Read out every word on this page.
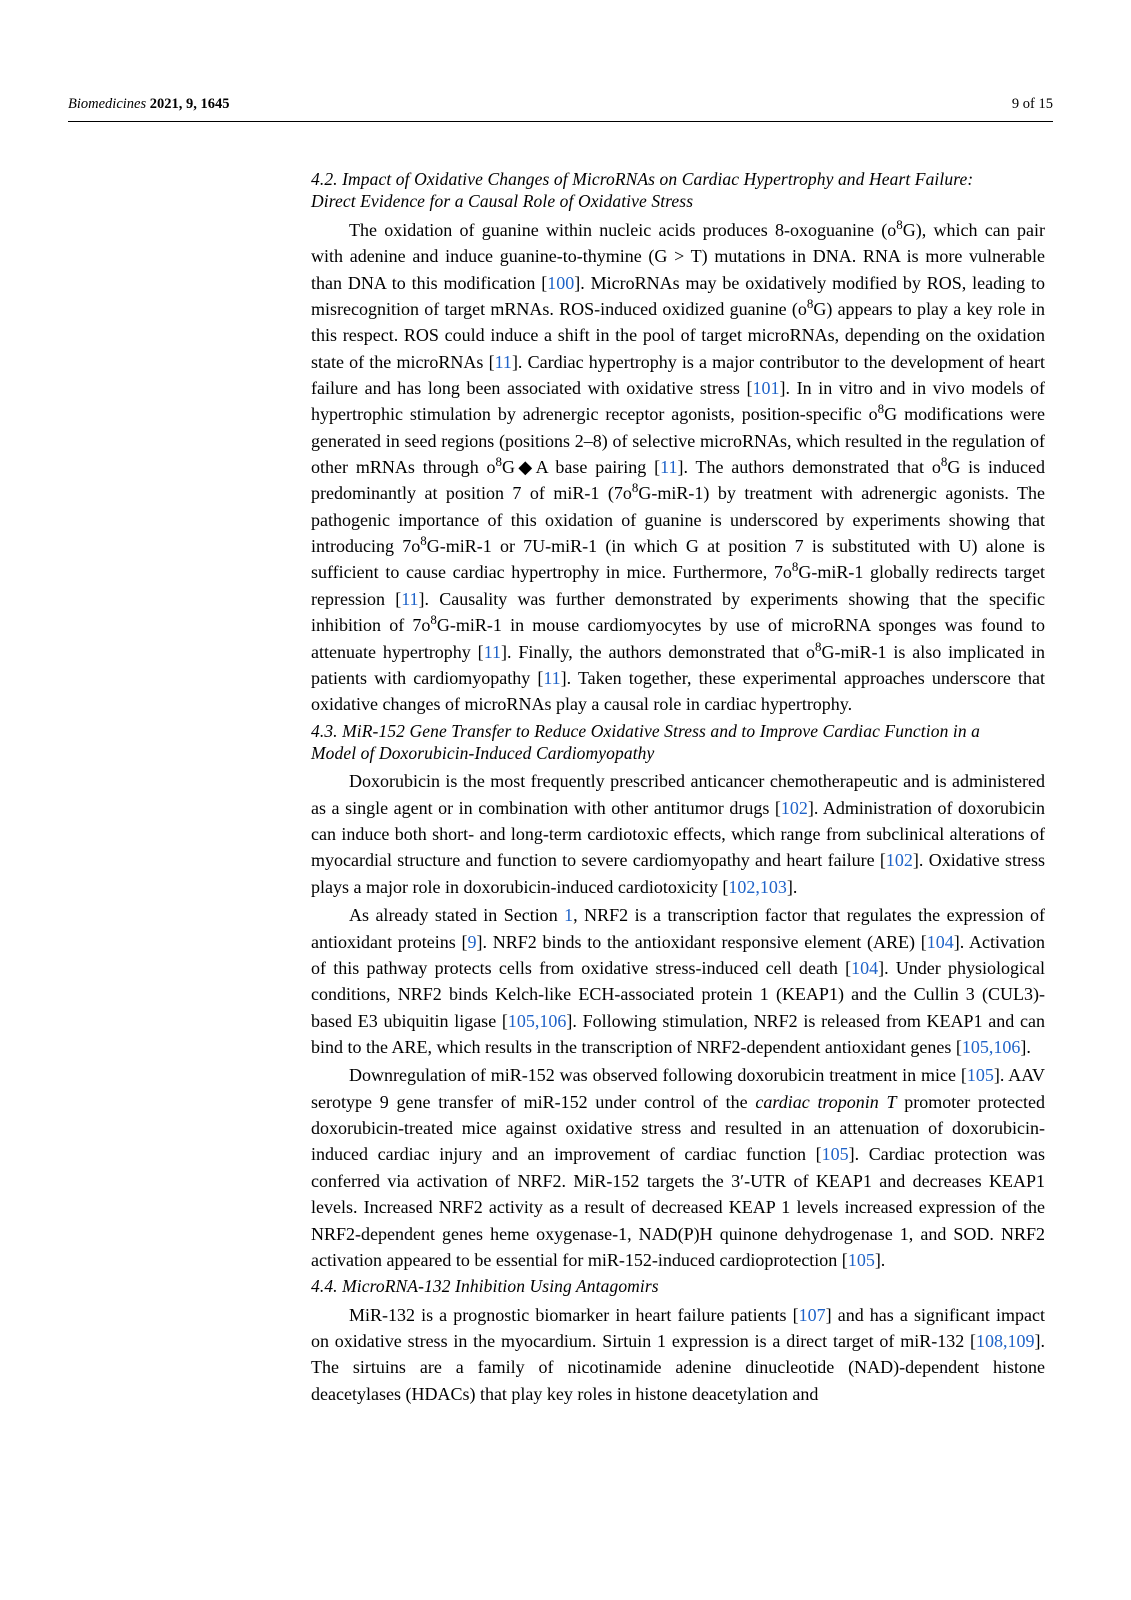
Biomedicines 2021, 9, 1645	9 of 15
4.2. Impact of Oxidative Changes of MicroRNAs on Cardiac Hypertrophy and Heart Failure:
Direct Evidence for a Causal Role of Oxidative Stress

The oxidation of guanine within nucleic acids produces 8-oxoguanine $(o^8G)$, which can pair with adenine and induce guanine-to-thymine (G > T) mutations in DNA. RNA is more vulnerable than DNA to this modification [100]. MicroRNAs may be oxidatively modified by ROS, leading to misrecognition of target mRNAs. ROS-induced oxidized guanine $(o^8G)$ appears to play a key role in this respect. ROS could induce a shift in the pool of target microRNAs, depending on the oxidation state of the microRNAs [11]. Cardiac hypertrophy is a major contributor to the development of heart failure and has long been associated with oxidative stress [101]. In in vitro and in vivo models of hypertrophic stimulation by adrenergic receptor agonists, position-specific $o^8G$ modifications were generated in seed regions (positions 2–8) of selective microRNAs, which resulted in the regulation of other mRNAs through $o^8G◆A$ base pairing [11]. The authors demonstrated that $o^8G$ is induced predominantly at position 7 of miR-1 $(7o^8G-miR-1)$ by treatment with adrenergic agonists. The pathogenic importance of this oxidation of guanine is underscored by experiments showing that introducing $7o^8G-miR-1$ or 7U-miR-1 (in which G at position 7 is substituted with U) alone is sufficient to cause cardiac hypertrophy in mice. Furthermore, $7o^8G-miR-1$ globally redirects target repression [11]. Causality was further demonstrated by experiments showing that the specific inhibition of $7o^8G-miR-1$ in mouse cardiomyocytes by use of microRNA sponges was found to attenuate hypertrophy [11]. Finally, the authors demonstrated that $o^8G-miR-1$ is also implicated in patients with cardiomyopathy [11]. Taken together, these experimental approaches underscore that oxidative changes of microRNAs play a causal role in cardiac hypertrophy.

4.3. MiR-152 Gene Transfer to Reduce Oxidative Stress and to Improve Cardiac Function in a
Model of Doxorubicin-Induced Cardiomyopathy

Doxorubicin is the most frequently prescribed anticancer chemotherapeutic and is administered as a single agent or in combination with other antitumor drugs [102]. Administration of doxorubicin can induce both short- and long-term cardiotoxic effects, which range from subclinical alterations of myocardial structure and function to severe cardiomyopathy and heart failure [102]. Oxidative stress plays a major role in doxorubicin-induced cardiotoxicity [102,103].

As already stated in Section 1, NRF2 is a transcription factor that regulates the expression of antioxidant proteins [9]. NRF2 binds to the antioxidant responsive element (ARE) [104]. Activation of this pathway protects cells from oxidative stress-induced cell death [104]. Under physiological conditions, NRF2 binds Kelch-like ECH-associated protein 1 (KEAP1) and the Cullin 3 (CUL3)-based E3 ubiquitin ligase [105,106]. Following stimulation, NRF2 is released from KEAP1 and can bind to the ARE, which results in the transcription of NRF2-dependent antioxidant genes [105,106].

Downregulation of miR-152 was observed following doxorubicin treatment in mice [105]. AAV serotype 9 gene transfer of miR-152 under control of the cardiac troponin T promoter protected doxorubicin-treated mice against oxidative stress and resulted in an attenuation of doxorubicin-induced cardiac injury and an improvement of cardiac function [105]. Cardiac protection was conferred via activation of NRF2. MiR-152 targets the 3′-UTR of KEAP1 and decreases KEAP1 levels. Increased NRF2 activity as a result of decreased KEAP 1 levels increased expression of the NRF2-dependent genes heme oxygenase-1, NAD(P)H quinone dehydrogenase 1, and SOD. NRF2 activation appeared to be essential for miR-152-induced cardioprotection [105].

4.4. MicroRNA-132 Inhibition Using Antagomirs

MiR-132 is a prognostic biomarker in heart failure patients [107] and has a significant impact on oxidative stress in the myocardium. Sirtuin 1 expression is a direct target of miR-132 [108,109]. The sirtuins are a family of nicotinamide adenine dinucleotide (NAD)-dependent histone deacetylases (HDACs) that play key roles in histone deacetylation and
